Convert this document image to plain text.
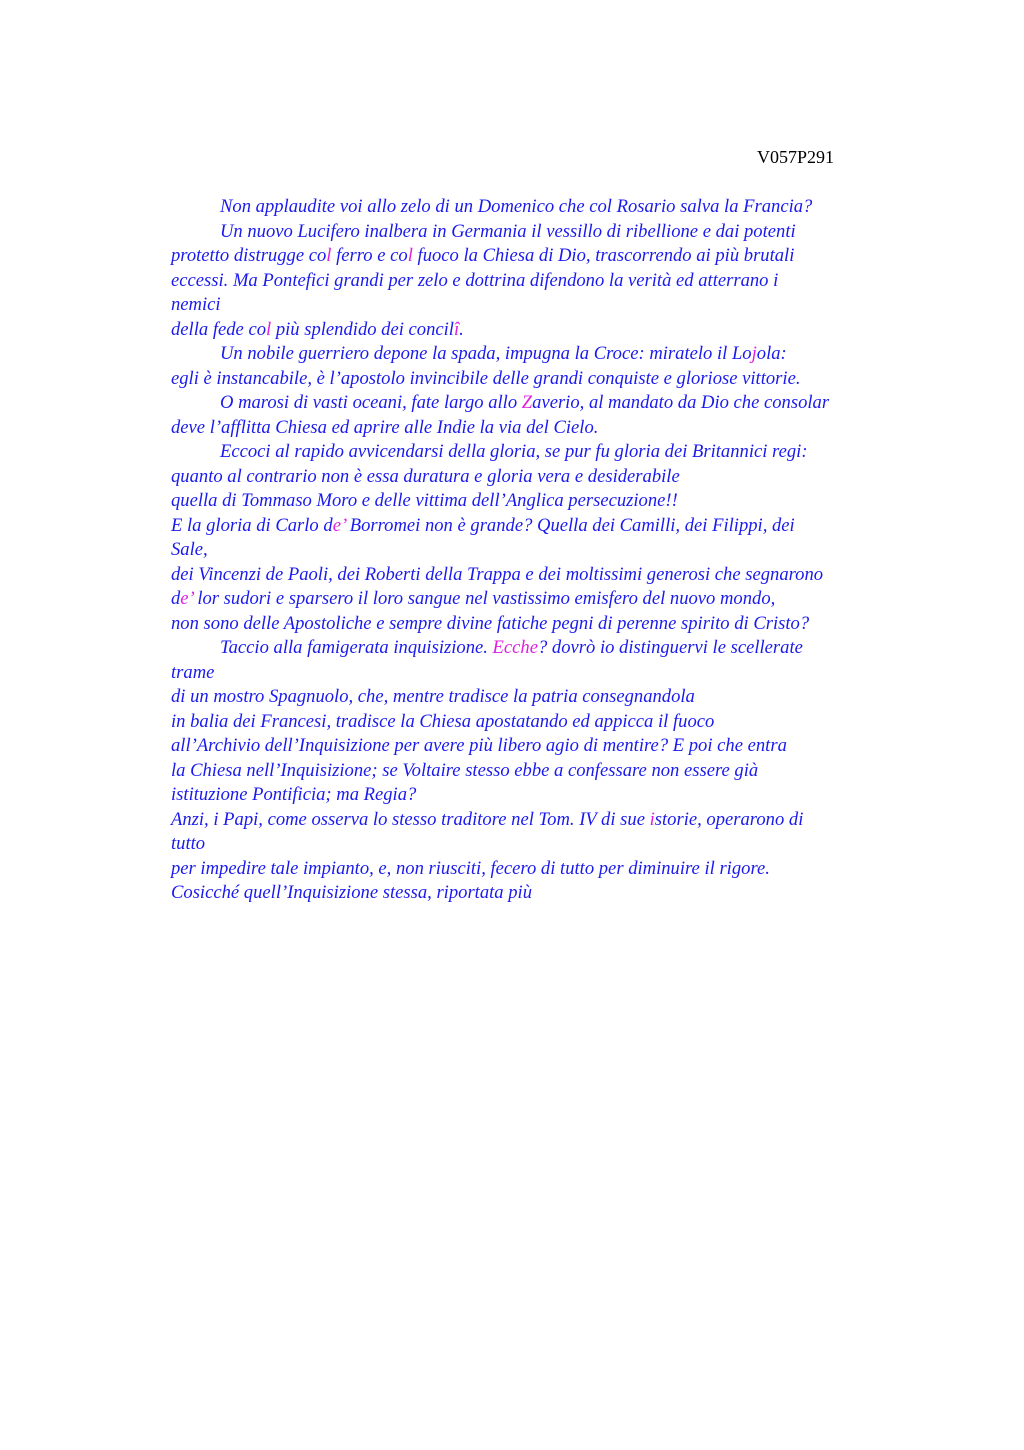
V057P291
Non applaudite voi allo zelo di un Domenico che col Rosario salva la Francia?
Un nuovo Lucifero inalbera in Germania il vessillo di ribellione e dai potenti
protetto distrugge col ferro e col fuoco la Chiesa di Dio, trascorrendo ai più brutali
eccessi. Ma Pontefici grandi per zelo e dottrina difendono la verità ed atterrano i
nemici
della fede col più splendido dei concilî.
Un nobile guerriero depone la spada, impugna la Croce: miratelo il Lojola:
egli è instancabile, è l’apostolo invincibile delle grandi conquiste e gloriose vittorie.
O marosi di vasti oceani, fate largo allo Zaverio, al mandato da Dio che consolar
deve l’afflitta Chiesa ed aprire alle Indie la via del Cielo.
Eccoci al rapido avvicendarsi della gloria, se pur fu gloria dei Britannici regi:
quanto al contrario non è essa duratura e gloria vera e desiderabile
quella di Tommaso Moro e delle vittima dell’Anglica persecuzione!!
E la gloria di Carlo de’ Borromei non è grande? Quella dei Camilli, dei Filippi, dei
Sale,
dei Vincenzi de Paoli, dei Roberti della Trappa e dei moltissimi generosi che segnarono
de’ lor sudori e sparsero il loro sangue nel vastissimo emisfero del nuovo mondo,
non sono delle Apostoliche e sempre divine fatiche pegni di perenne spirito di Cristo?
Taccio alla famigerata inquisizione. Ecche? dovrò io distinguervi le scellerate
trame
di un mostro Spagnuolo, che, mentre tradisce la patria consegnandola
in balia dei Francesi, tradisce la Chiesa apostatando ed appicca il fuoco
all’Archivio dell’Inquisizione per avere più libero agio di mentire? E poi che entra
la Chiesa nell’Inquisizione; se Voltaire stesso ebbe a confessare non essere già
istituzione Pontificia; ma Regia?
Anzi, i Papi, come osserva lo stesso traditore nel Tom. IV di sue istorie, operarono di
tutto
per impedire tale impianto, e, non riusciti, fecero di tutto per diminuire il rigore.
Cosicché quell’Inquisizione stessa, riportata più
